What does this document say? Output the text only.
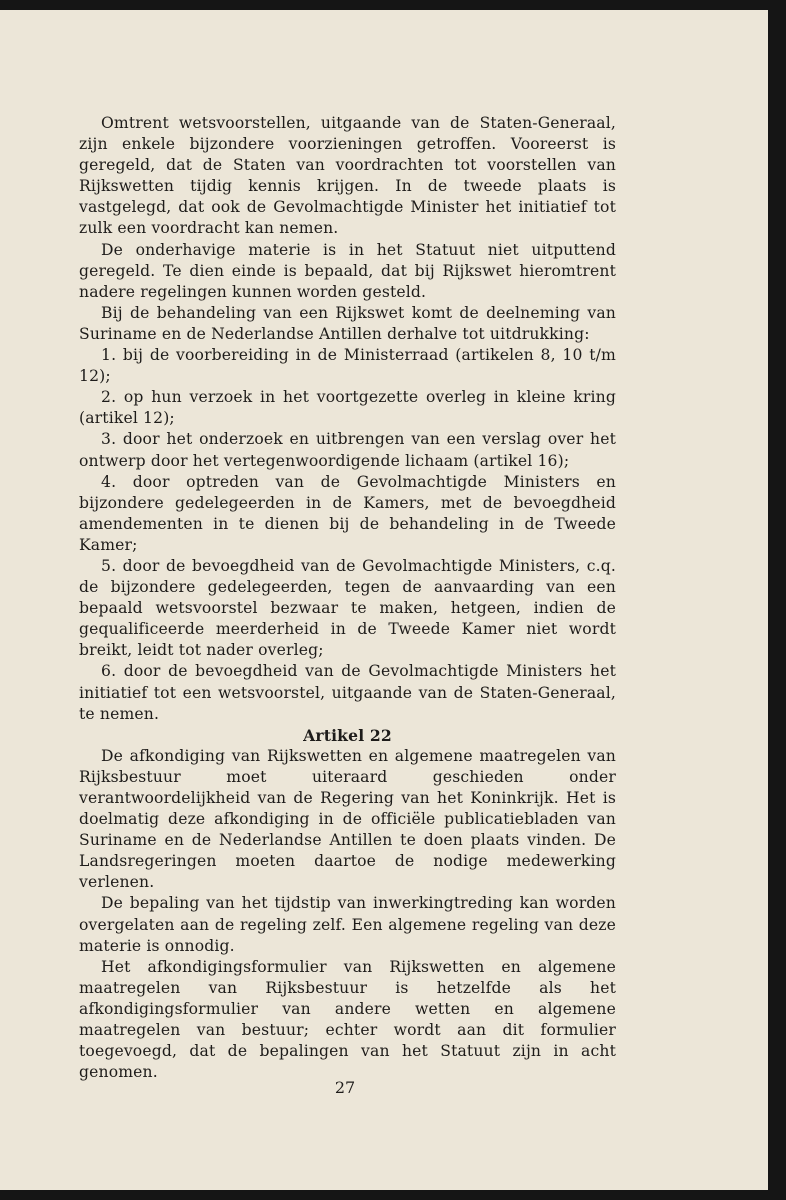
Omtrent wetsvoorstellen, uitgaande van de Staten-Generaal, zijn enkele bijzondere voorzieningen getroffen. Vooreerst is geregeld, dat de Staten van voordrachten tot voorstellen van Rijkswetten tijdig kennis krijgen. In de tweede plaats is vastgelegd, dat ook de Gevolmachtigde Minister het initiatief tot zulk een voordracht kan nemen.

De onderhavige materie is in het Statuut niet uitputtend geregeld. Te dien einde is bepaald, dat bij Rijkswet hieromtrent nadere regelingen kunnen worden gesteld.

Bij de behandeling van een Rijkswet komt de deelneming van Suriname en de Nederlandse Antillen derhalve tot uitdrukking:

1. bij de voorbereiding in de Ministerraad (artikelen 8, 10 t/m 12);

2. op hun verzoek in het voortgezette overleg in kleine kring (artikel 12);

3. door het onderzoek en uitbrengen van een verslag over het ontwerp door het vertegenwoordigende lichaam (artikel 16);

4. door optreden van de Gevolmachtigde Ministers en bijzondere gedelegeerden in de Kamers, met de bevoegdheid amendementen in te dienen bij de behandeling in de Tweede Kamer;

5. door de bevoegdheid van de Gevolmachtigde Ministers, c.q. de bijzondere gedelegeerden, tegen de aanvaarding van een bepaald wetsvoorstel bezwaar te maken, hetgeen, indien de gequalificeerde meerderheid in de Tweede Kamer niet wordt breikt, leidt tot nader overleg;

6. door de bevoegdheid van de Gevolmachtigde Ministers het initiatief tot een wetsvoorstel, uitgaande van de Staten-Generaal, te nemen.

Artikel 22

De afkondiging van Rijkswetten en algemene maatregelen van Rijksbestuur moet uiteraard geschieden onder verantwoordelijkheid van de Regering van het Koninkrijk. Het is doelmatig deze afkondiging in de officiële publicatiebladen van Suriname en de Nederlandse Antillen te doen plaats vinden. De Landsregeringen moeten daartoe de nodige medewerking verlenen.

De bepaling van het tijdstip van inwerkingtreding kan worden overgelaten aan de regeling zelf. Een algemene regeling van deze materie is onnodig.

Het afkondigingsformulier van Rijkswetten en algemene maatregelen van Rijksbestuur is hetzelfde als het afkondigingsformulier van andere wetten en algemene maatregelen van bestuur; echter wordt aan dit formulier toegevoegd, dat de bepalingen van het Statuut zijn in acht genomen.

27
